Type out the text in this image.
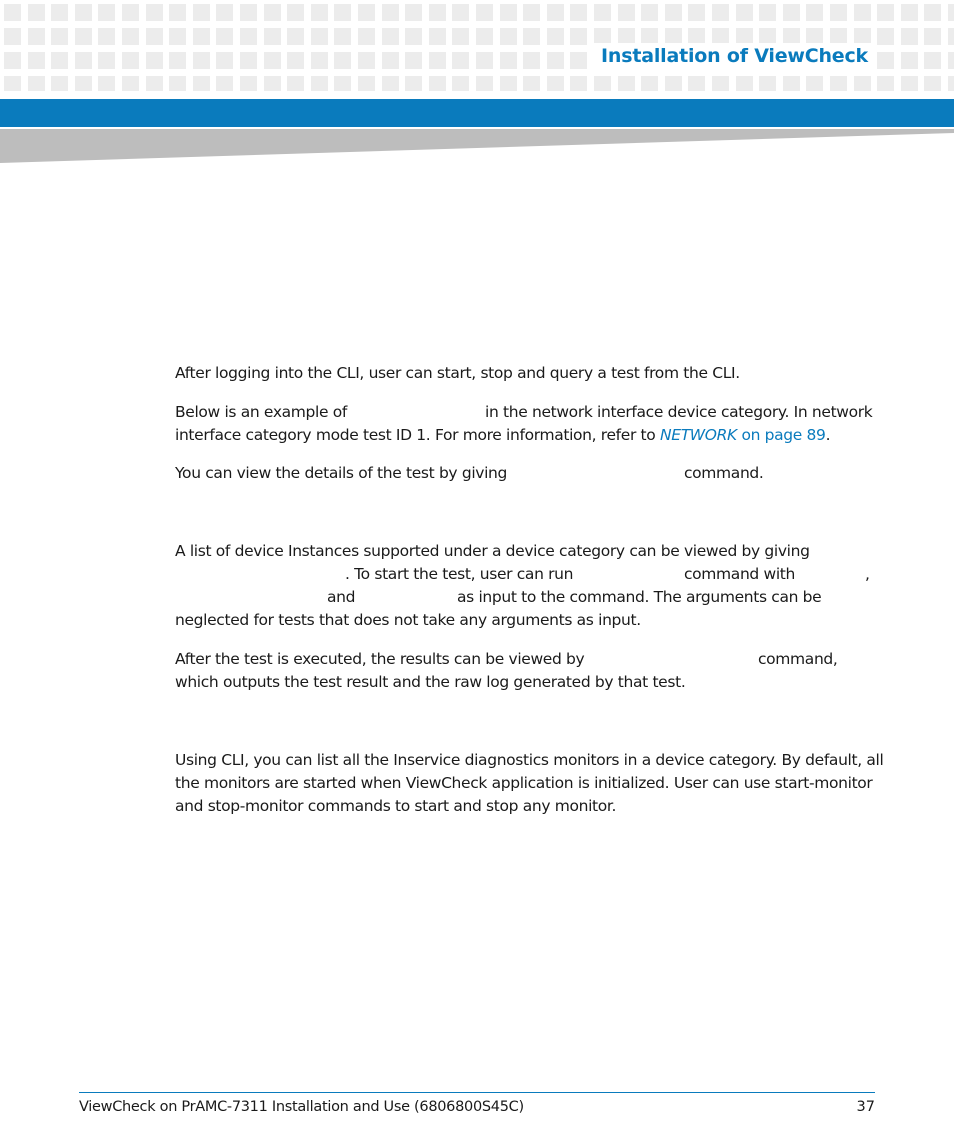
Installation of ViewCheck
After logging into the CLI, user can start, stop and query a test from the CLI.
Below is an example of	in the network interface device category. In network
interface category mode test ID 1. For more information, refer to NETWORK on page 89.
You can view the details of the test by giving	command.
A list of device Instances supported under a device category can be viewed by giving
. To start the test, user can run	command with	,
and	as input to the command. The arguments can be
neglected for tests that does not take any arguments as input.
After the test is executed, the results can be viewed by	command,
which outputs the test result and the raw log generated by that test.
Using CLI, you can list all the Inservice diagnostics monitors in a device category. By default, all
the monitors are started when ViewCheck application is initialized. User can use start-monitor
and stop-monitor commands to start and stop any monitor.
ViewCheck on PrAMC-7311 Installation and Use (6806800S45C)	37
